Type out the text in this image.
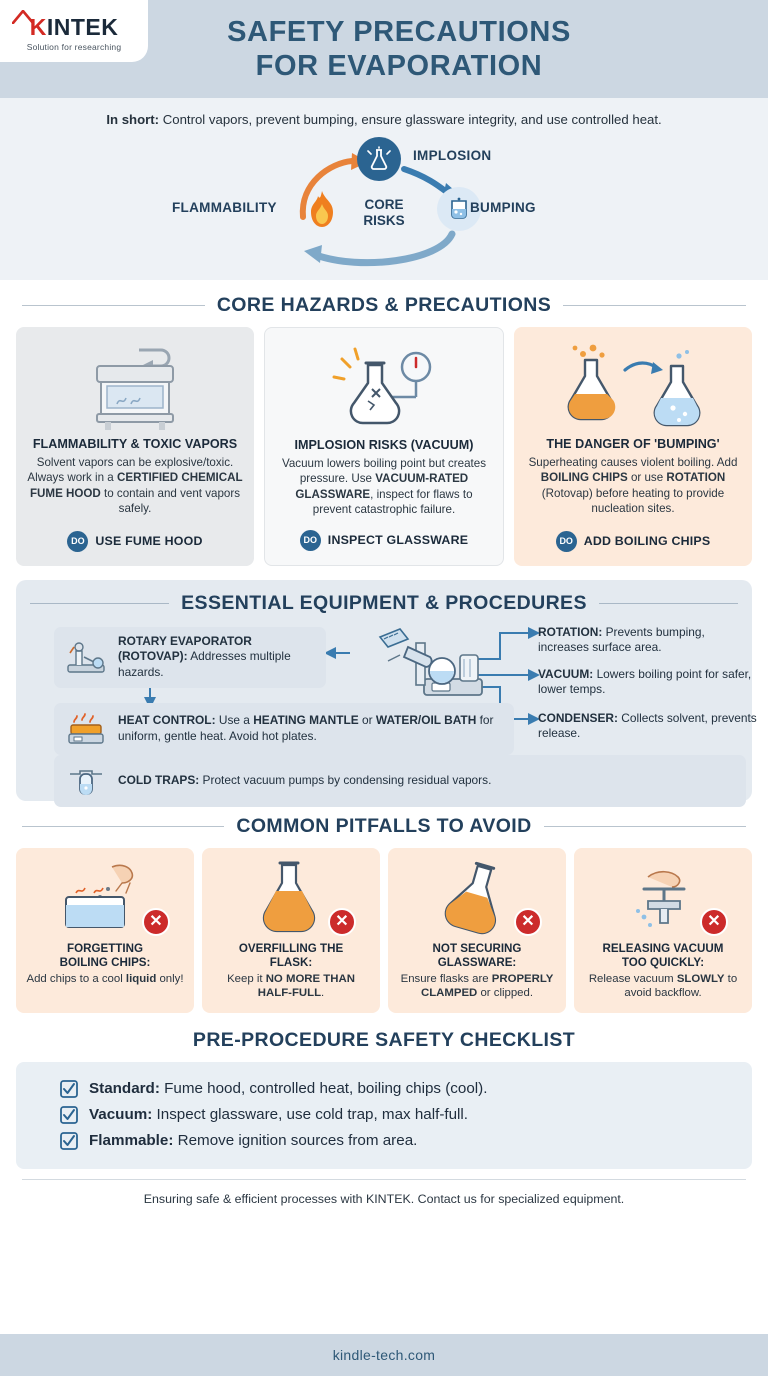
KINTEK
Solution for researching	SAFETY PRECAUTIONS
FOR EVAPORATION
In short: Control vapors, prevent bumping, ensure glassware integrity, and use controlled heat.
CORE
RISKS
IMPLOSION
BUMPING
FLAMMABILITY
CORE HAZARDS & PRECAUTIONS
FLAMMABILITY & TOXIC VAPORS
Solvent vapors can be explosive/toxic. Always work in a CERTIFIED CHEMICAL FUME HOOD to contain and vent vapors safely.
DO USE FUME HOOD
IMPLOSION RISKS (VACUUM)
Vacuum lowers boiling point but creates pressure. Use VACUUM-RATED GLASSWARE, inspect for flaws to prevent catastrophic failure.
DO INSPECT GLASSWARE
THE DANGER OF 'BUMPING'
Superheating causes violent boiling. Add BOILING CHIPS or use ROTATION (Rotovap) before heating to provide nucleation sites.
DO ADD BOILING CHIPS
ESSENTIAL EQUIPMENT & PROCEDURES
ROTARY EVAPORATOR (ROTOVAP): Addresses multiple hazards.
ROTATION: Prevents bumping, increases surface area.
VACUUM: Lowers boiling point for safer, lower temps.
CONDENSER: Collects solvent, prevents release.
HEAT CONTROL: Use a HEATING MANTLE or WATER/OIL BATH for uniform, gentle heat. Avoid hot plates.
COLD TRAPS: Protect vacuum pumps by condensing residual vapors.
COMMON PITFALLS TO AVOID
✕
FORGETTING
BOILING CHIPS:
Add chips to a cool liquid only!
✕
OVERFILLING THE
FLASK:
Keep it NO MORE THAN HALF-FULL.
✕
NOT SECURING
GLASSWARE:
Ensure flasks are PROPERLY CLAMPED or clipped.
✕
RELEASING VACUUM
TOO QUICKLY:
Release vacuum SLOWLY to avoid backflow.
PRE-PROCEDURE SAFETY CHECKLIST
Standard: Fume hood, controlled heat, boiling chips (cool).
Vacuum: Inspect glassware, use cold trap, max half-full.
Flammable: Remove ignition sources from area.
Ensuring safe & efficient processes with KINTEK. Contact us for specialized equipment.
kindle-tech.com
